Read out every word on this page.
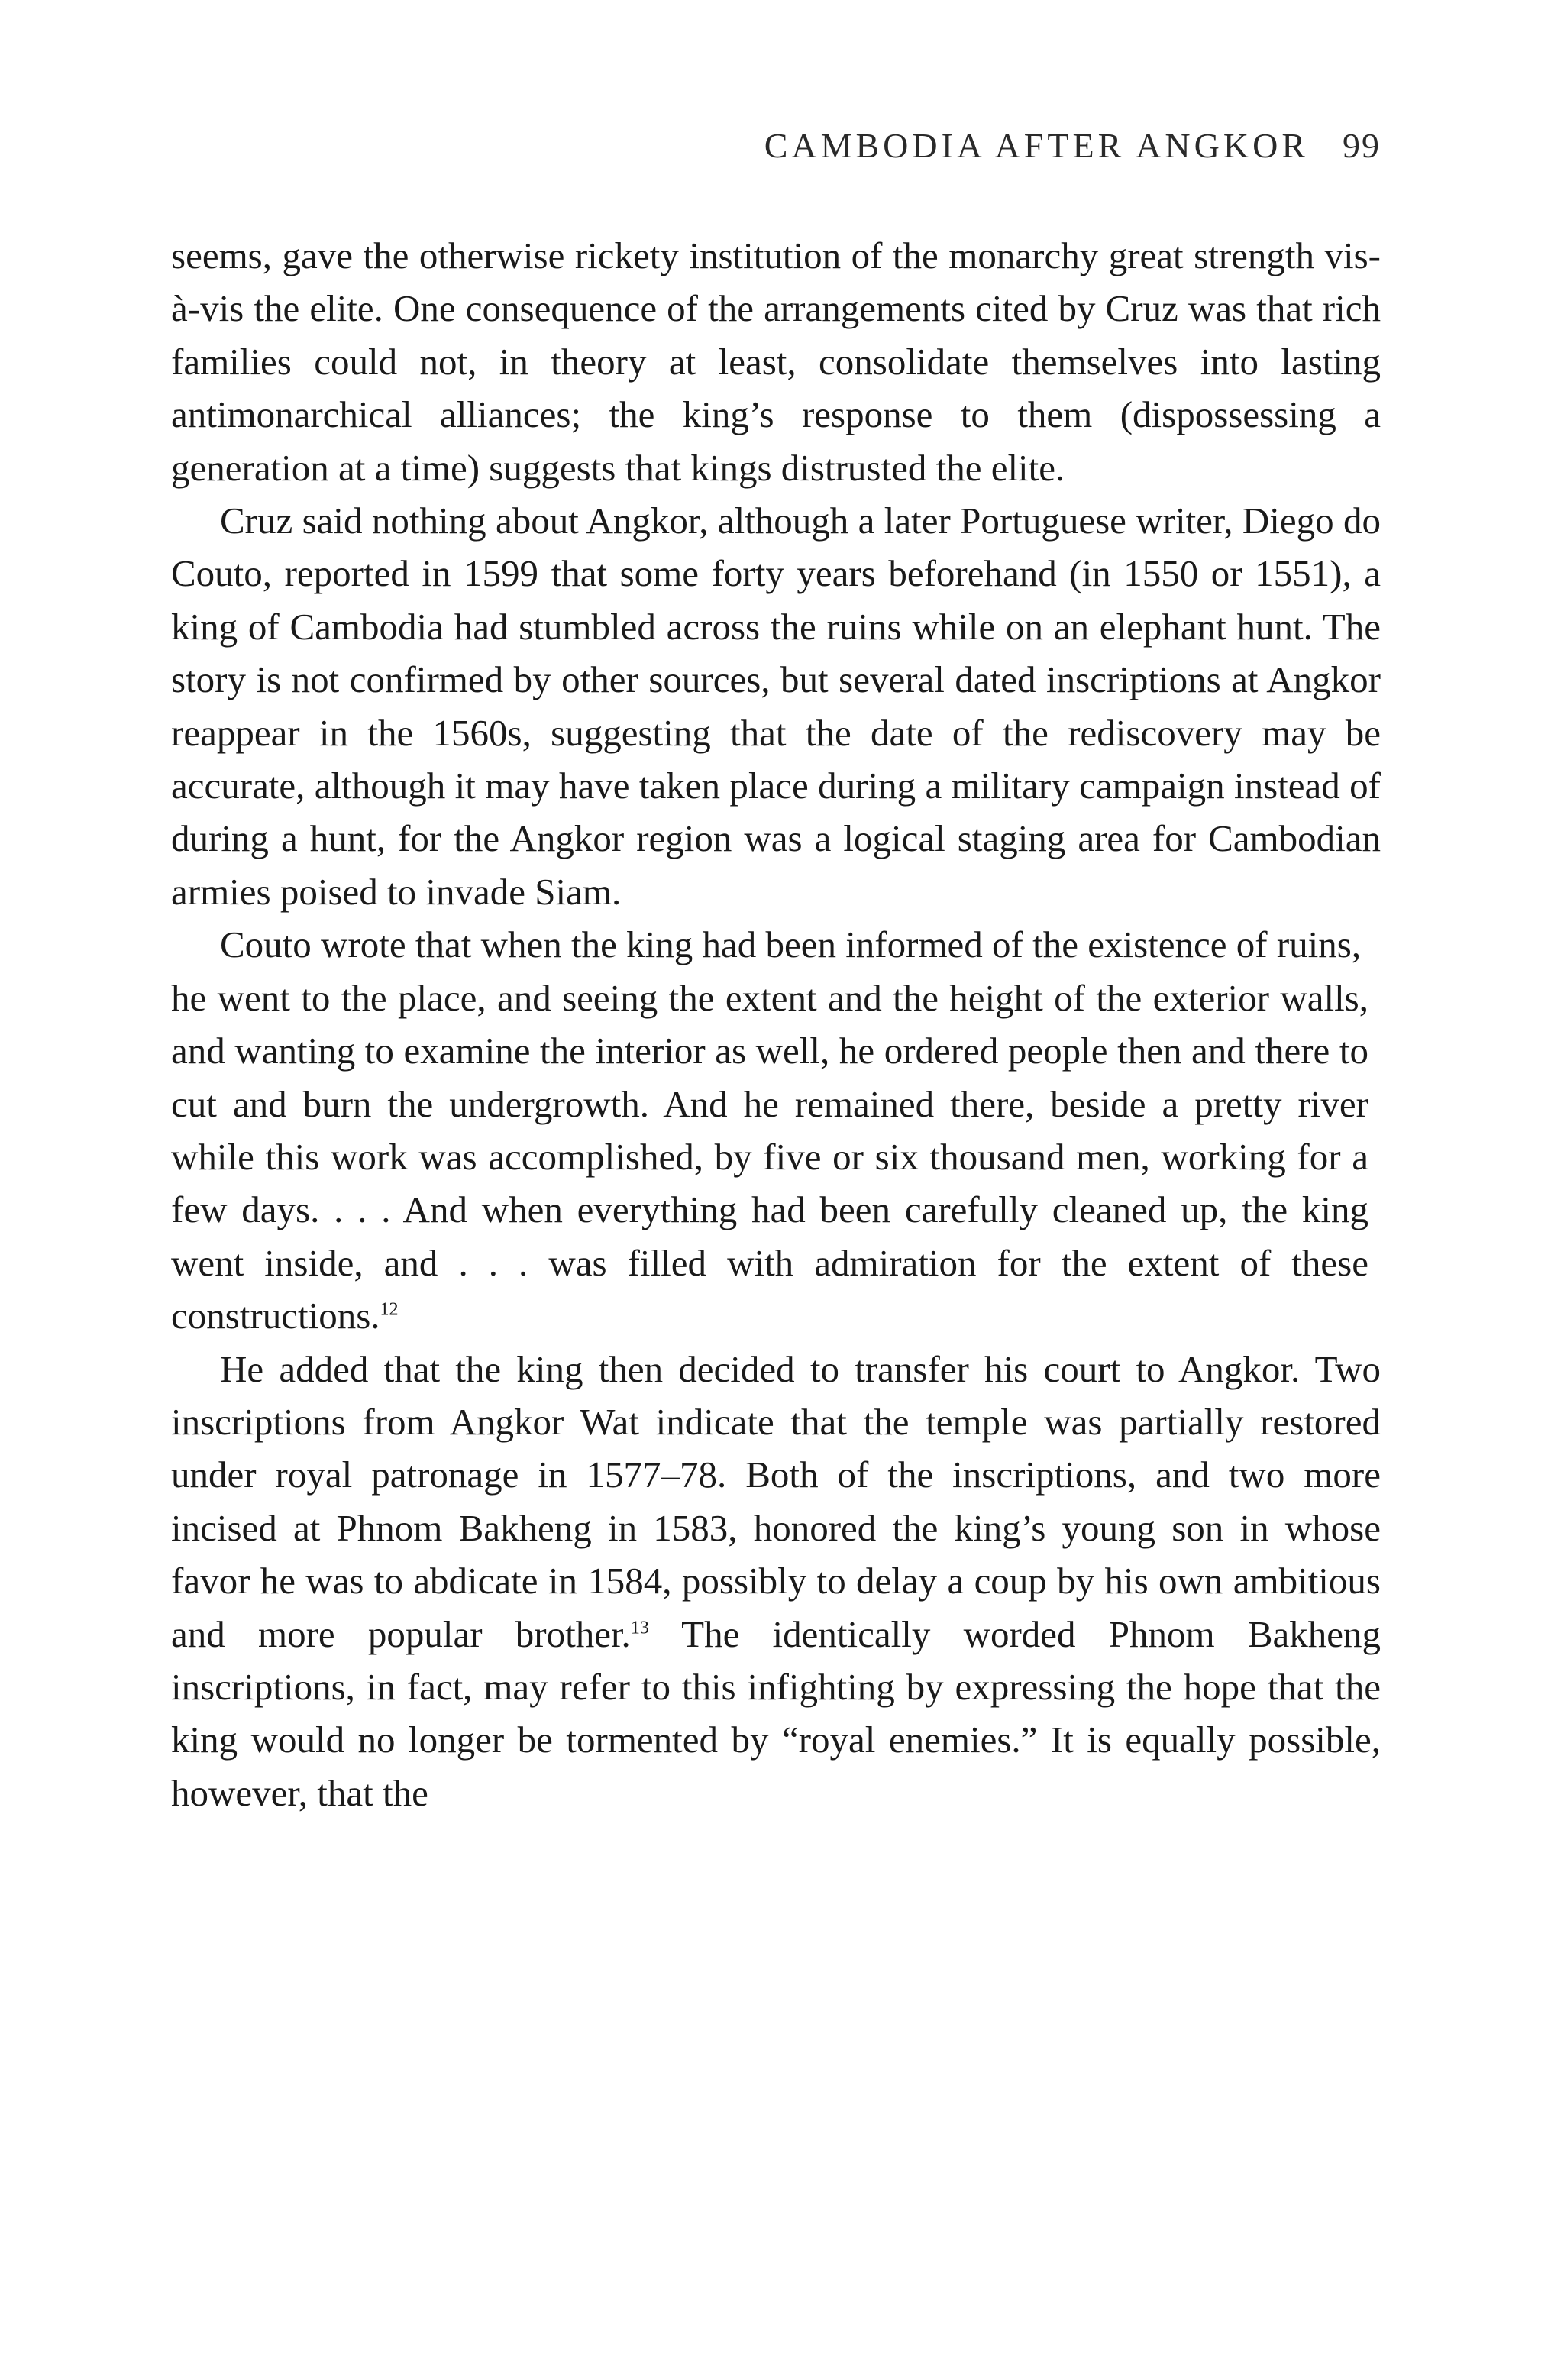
CAMBODIA AFTER ANGKOR 99

seems, gave the otherwise rickety institution of the monarchy great strength vis-à-vis the elite. One consequence of the arrangements cited by Cruz was that rich families could not, in theory at least, consolidate themselves into lasting antimonarchical alliances; the king’s response to them (dispossessing a generation at a time) suggests that kings distrusted the elite.

Cruz said nothing about Angkor, although a later Portuguese writer, Diego do Couto, reported in 1599 that some forty years beforehand (in 1550 or 1551), a king of Cambodia had stumbled across the ruins while on an elephant hunt. The story is not confirmed by other sources, but several dated inscriptions at Angkor reappear in the 1560s, suggesting that the date of the rediscovery may be accurate, although it may have taken place during a military campaign instead of during a hunt, for the Angkor region was a logical staging area for Cambodian armies poised to invade Siam.

Couto wrote that when the king had been informed of the existence of ruins,

he went to the place, and seeing the extent and the height of the exterior walls, and wanting to examine the interior as well, he ordered people then and there to cut and burn the undergrowth. And he remained there, beside a pretty river while this work was accomplished, by five or six thousand men, working for a few days. . . . And when everything had been carefully cleaned up, the king went inside, and . . . was filled with admiration for the extent of these constructions.$^{12}$

He added that the king then decided to transfer his court to Angkor. Two inscriptions from Angkor Wat indicate that the temple was partially restored under royal patronage in 1577–78. Both of the inscriptions, and two more incised at Phnom Bakheng in 1583, honored the king’s young son in whose favor he was to abdicate in 1584, possibly to delay a coup by his own ambitious and more popular brother.$^{13}$ The identically worded Phnom Bakheng inscriptions, in fact, may refer to this infighting by expressing the hope that the king would no longer be tormented by “royal enemies.” It is equally possible, however, that the
